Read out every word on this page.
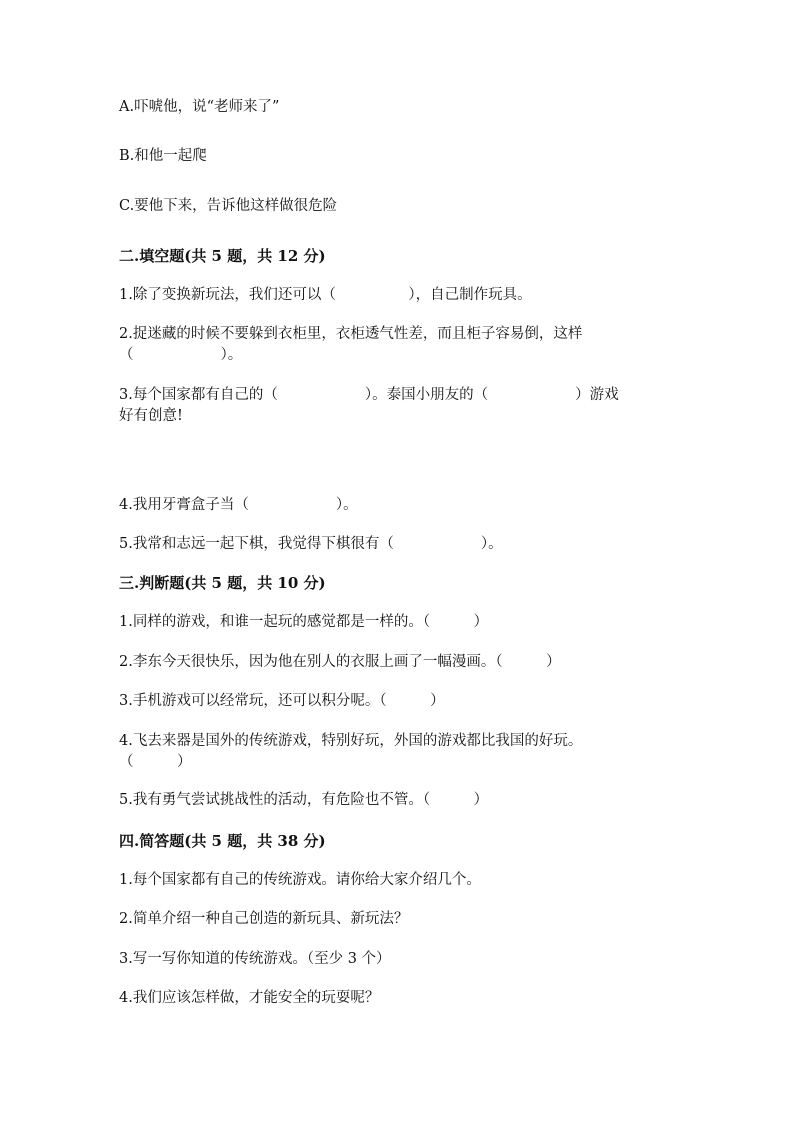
A.吓唬他，说“老师来了”
B.和他一起爬
C.要他下来，告诉他这样做很危险
二.填空题(共 5 题，共 12 分)
1.除了变换新玩法，我们还可以（　　　　　），自己制作玩具。
2.捉迷藏的时候不要躲到衣柜里，衣柜透气性差，而且柜子容易倒，这样
（　　　　　　）。
3.每个国家都有自己的（　　　　　　）。泰国小朋友的（　　　　　　）游戏
好有创意!
4.我用牙膏盒子当（　　　　　　）。
5.我常和志远一起下棋，我觉得下棋很有（　　　　　　）。
三.判断题(共 5 题，共 10 分)
1.同样的游戏，和谁一起玩的感觉都是一样的。（　　　）
2.李东今天很快乐，因为他在别人的衣服上画了一幅漫画。（　　　）
3.手机游戏可以经常玩，还可以积分呢。（　　　）
4.飞去来器是国外的传统游戏，特别好玩，外国的游戏都比我国的好玩。
（　　　）
5.我有勇气尝试挑战性的活动，有危险也不管。（　　　）
四.简答题(共 5 题，共 38 分)
1.每个国家都有自己的传统游戏。请你给大家介绍几个。
2.简单介绍一种自己创造的新玩具、新玩法？
3.写一写你知道的传统游戏。（至少 3 个）
4.我们应该怎样做，才能安全的玩耍呢？
